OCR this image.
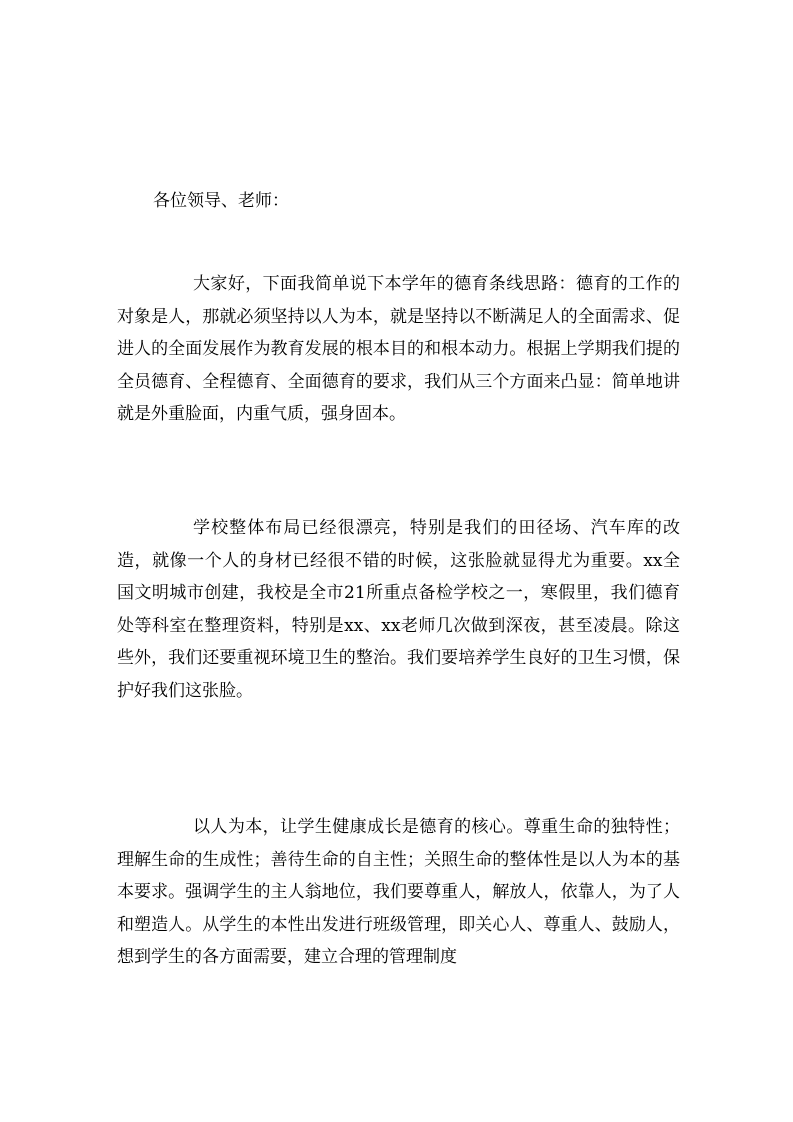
各位领导、老师：

大家好，下面我简单说下本学年的德育条线思路：德育的工作的对象是人，那就必须坚持以人为本，就是坚持以不断满足人的全面需求、促进人的全面发展作为教育发展的根本目的和根本动力。根据上学期我们提的全员德育、全程德育、全面德育的要求，我们从三个方面来凸显：简单地讲就是外重脸面，内重气质，强身固本。

学校整体布局已经很漂亮，特别是我们的田径场、汽车库的改造，就像一个人的身材已经很不错的时候，这张脸就显得尤为重要。xx全国文明城市创建，我校是全市21所重点备检学校之一，寒假里，我们德育处等科室在整理资料，特别是xx、xx老师几次做到深夜，甚至凌晨。除这些外，我们还要重视环境卫生的整治。我们要培养学生良好的卫生习惯，保护好我们这张脸。

以人为本，让学生健康成长是德育的核心。尊重生命的独特性；理解生命的生成性；善待生命的自主性；关照生命的整体性是以人为本的基本要求。强调学生的主人翁地位，我们要尊重人，解放人，依靠人，为了人和塑造人。从学生的本性出发进行班级管理，即关心人、尊重人、鼓励人，想到学生的各方面需要，建立合理的管理制度
